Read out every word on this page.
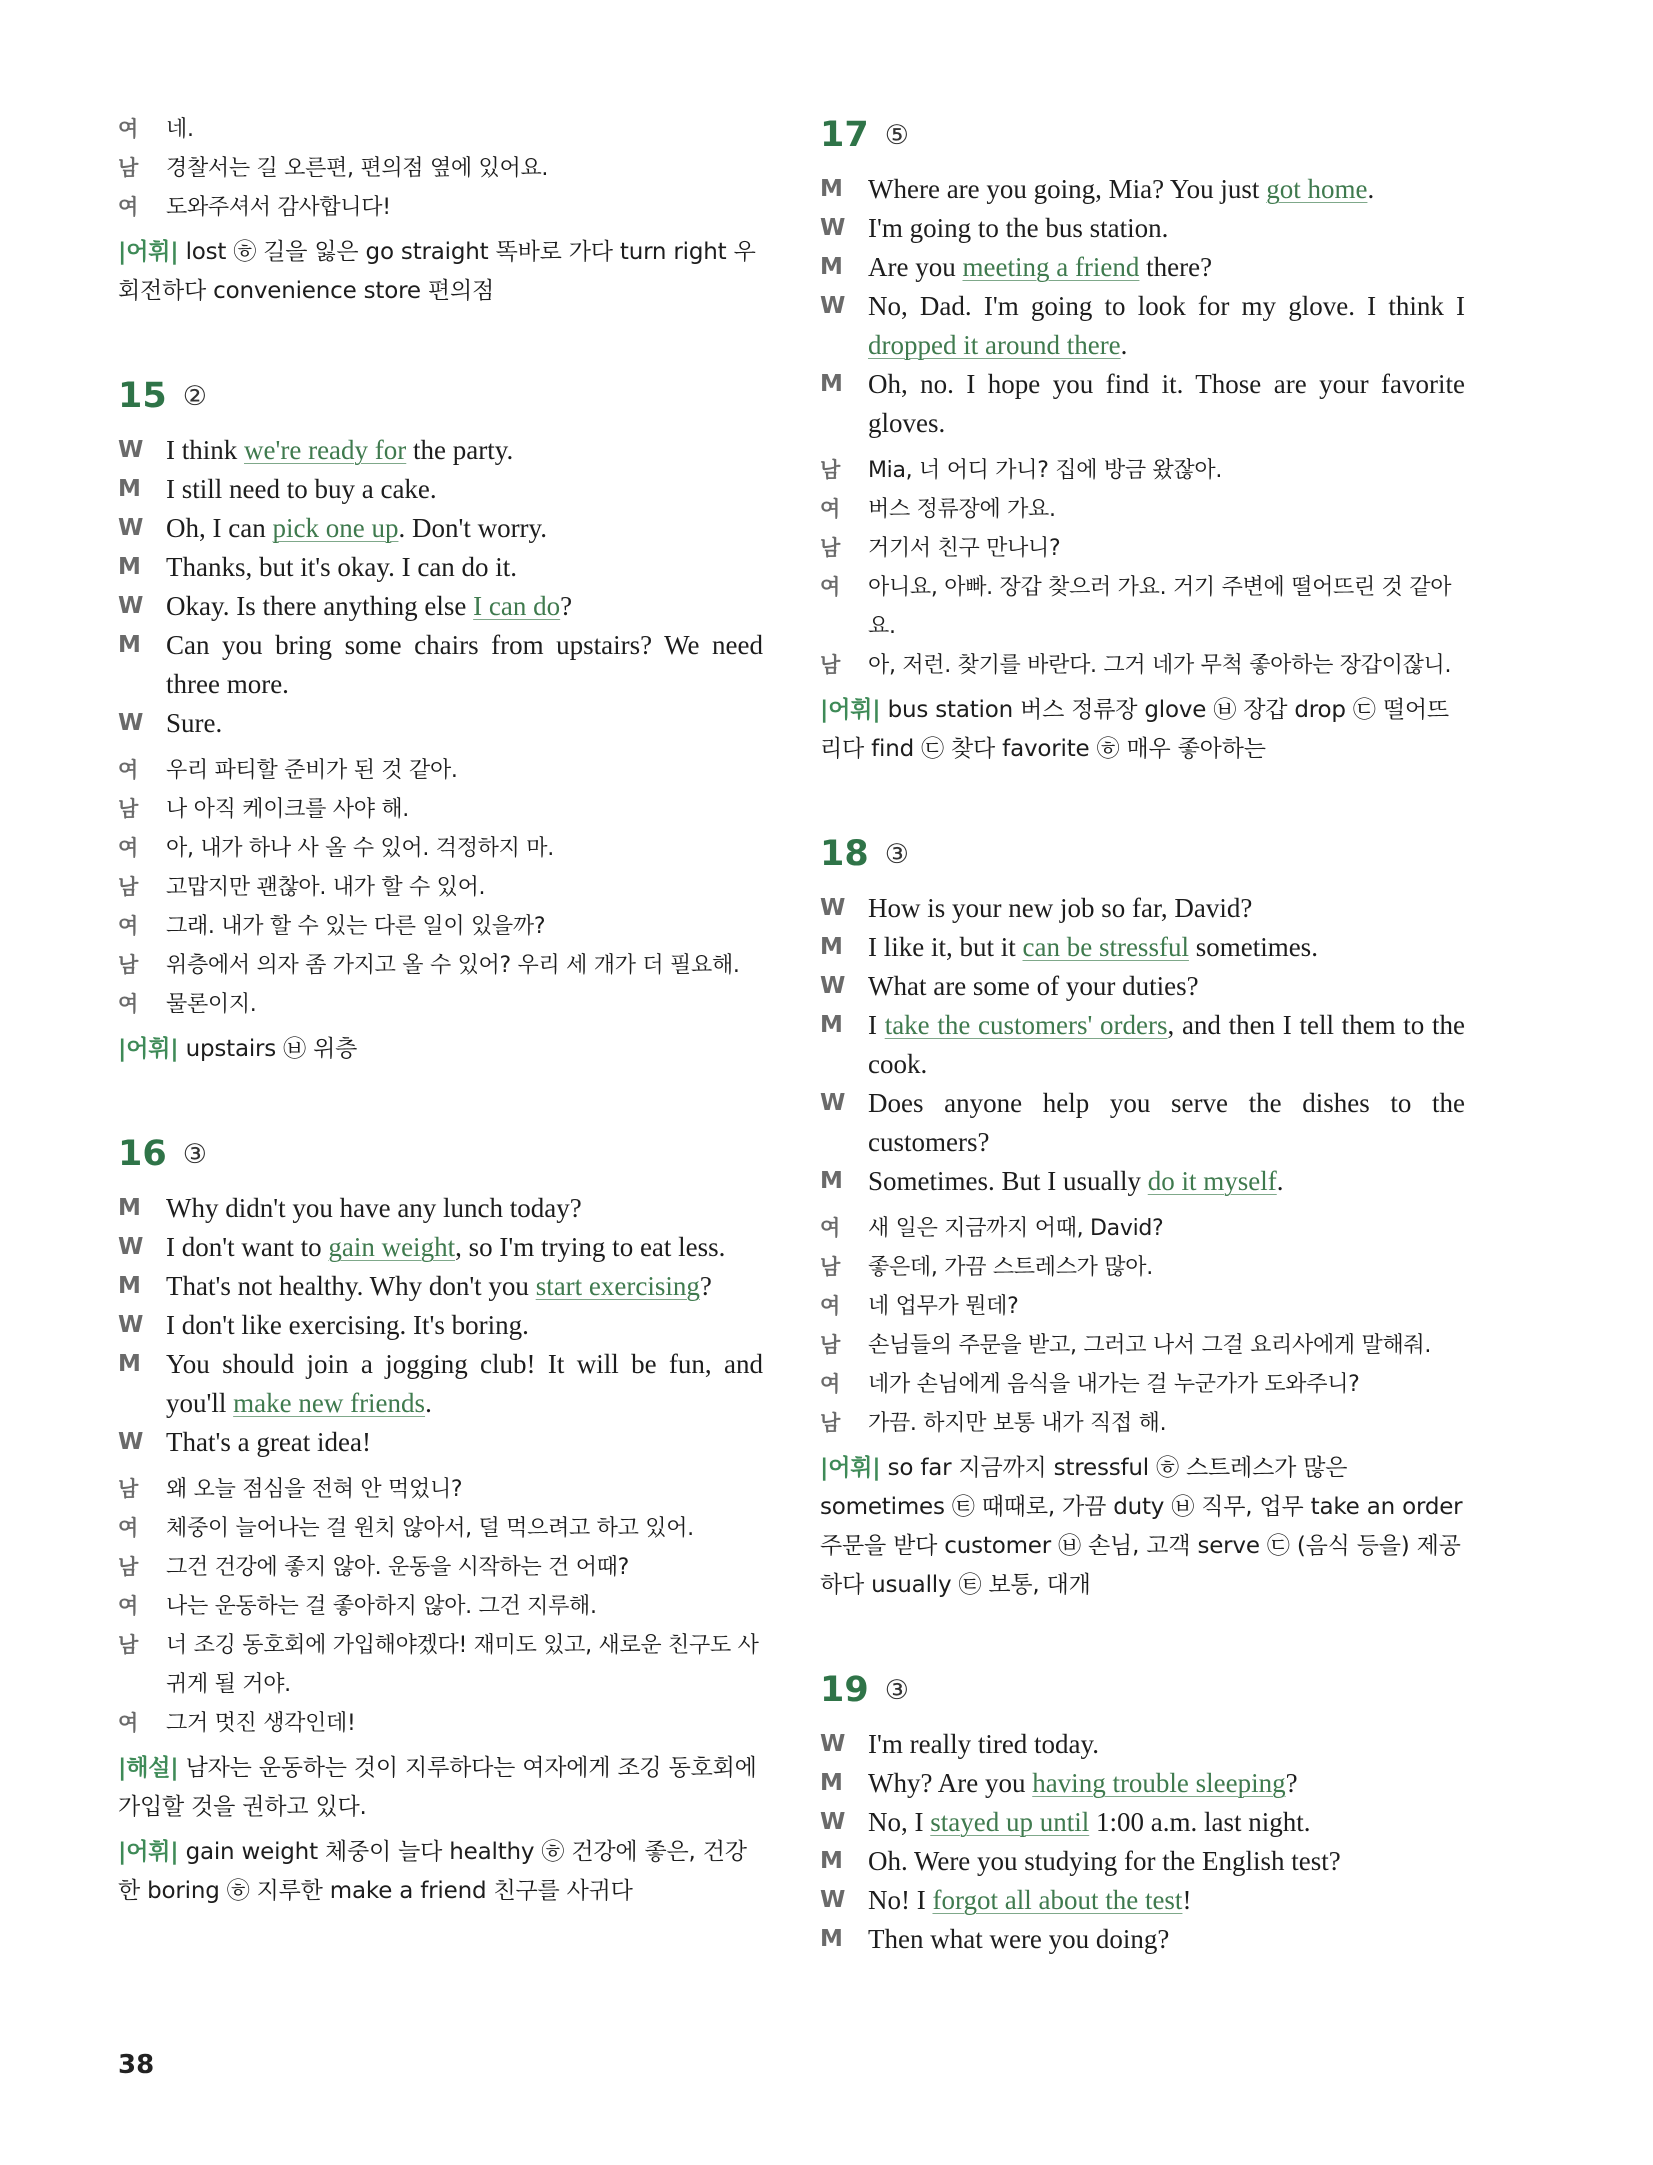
여 네.
남 경찰서는 길 오른편, 편의점 옆에 있어요.
여 도와주셔서 감사합니다!
|어휘| lost ㉭ 길을 잃은 go straight 똑바로 가다 turn right 우회전하다 convenience store 편의점
15 ②
W I think we're ready for the party.
M I still need to buy a cake.
W Oh, I can pick one up. Don't worry.
M Thanks, but it's okay. I can do it.
W Okay. Is there anything else I can do?
M Can you bring some chairs from upstairs? We need three more.
W Sure.
여 우리 파티할 준비가 된 것 같아.
남 나 아직 케이크를 사야 해.
여 아, 내가 하나 사 올 수 있어. 걱정하지 마.
남 고맙지만 괜찮아. 내가 할 수 있어.
여 그래. 내가 할 수 있는 다른 일이 있을까?
남 위층에서 의자 좀 가지고 올 수 있어? 우리 세 개가 더 필요해.
여 물론이지.
|어휘| upstairs ㉥ 위층
16 ③
M Why didn't you have any lunch today?
W I don't want to gain weight, so I'm trying to eat less.
M That's not healthy. Why don't you start exercising?
W I don't like exercising. It's boring.
M You should join a jogging club! It will be fun, and you'll make new friends.
W That's a great idea!
남 왜 오늘 점심을 전혀 안 먹었니?
여 체중이 늘어나는 걸 원치 않아서, 덜 먹으려고 하고 있어.
남 그건 건강에 좋지 않아. 운동을 시작하는 건 어때?
여 나는 운동하는 걸 좋아하지 않아. 그건 지루해.
남 너 조깅 동호회에 가입해야겠다! 재미도 있고, 새로운 친구도 사귀게 될 거야.
여 그거 멋진 생각인데!
|해설| 남자는 운동하는 것이 지루하다는 여자에게 조깅 동호회에 가입할 것을 권하고 있다.
|어휘| gain weight 체중이 늘다 healthy ㉭ 건강에 좋은, 건강한 boring ㉭ 지루한 make a friend 친구를 사귀다
17 ⑤
M Where are you going, Mia? You just got home.
W I'm going to the bus station.
M Are you meeting a friend there?
W No, Dad. I'm going to look for my glove. I think I dropped it around there.
M Oh, no. I hope you find it. Those are your favorite gloves.
남 Mia, 너 어디 가니? 집에 방금 왔잖아.
여 버스 정류장에 가요.
남 거기서 친구 만나니?
여 아니요, 아빠. 장갑 찾으러 가요. 거기 주변에 떨어뜨린 것 같아요.
남 아, 저런. 찾기를 바란다. 그거 네가 무척 좋아하는 장갑이잖니.
|어휘| bus station 버스 정류장 glove ㉥ 장갑 drop ㉢ 떨어뜨리다 find ㉢ 찾다 favorite ㉭ 매우 좋아하는
18 ③
W How is your new job so far, David?
M I like it, but it can be stressful sometimes.
W What are some of your duties?
M I take the customers' orders, and then I tell them to the cook.
W Does anyone help you serve the dishes to the customers?
M Sometimes. But I usually do it myself.
여 새 일은 지금까지 어때, David?
남 좋은데, 가끔 스트레스가 많아.
여 네 업무가 뭔데?
남 손님들의 주문을 받고, 그러고 나서 그걸 요리사에게 말해줘.
여 네가 손님에게 음식을 내가는 걸 누군가가 도와주니?
남 가끔. 하지만 보통 내가 직접 해.
|어휘| so far 지금까지 stressful ㉭ 스트레스가 많은 sometimes ㉫ 때때로, 가끔 duty ㉥ 직무, 업무 take an order 주문을 받다 customer ㉥ 손님, 고객 serve ㉢ (음식 등을) 제공하다 usually ㉫ 보통, 대개
19 ③
W I'm really tired today.
M Why? Are you having trouble sleeping?
W No, I stayed up until 1:00 a.m. last night.
M Oh. Were you studying for the English test?
W No! I forgot all about the test!
M Then what were you doing?
38
